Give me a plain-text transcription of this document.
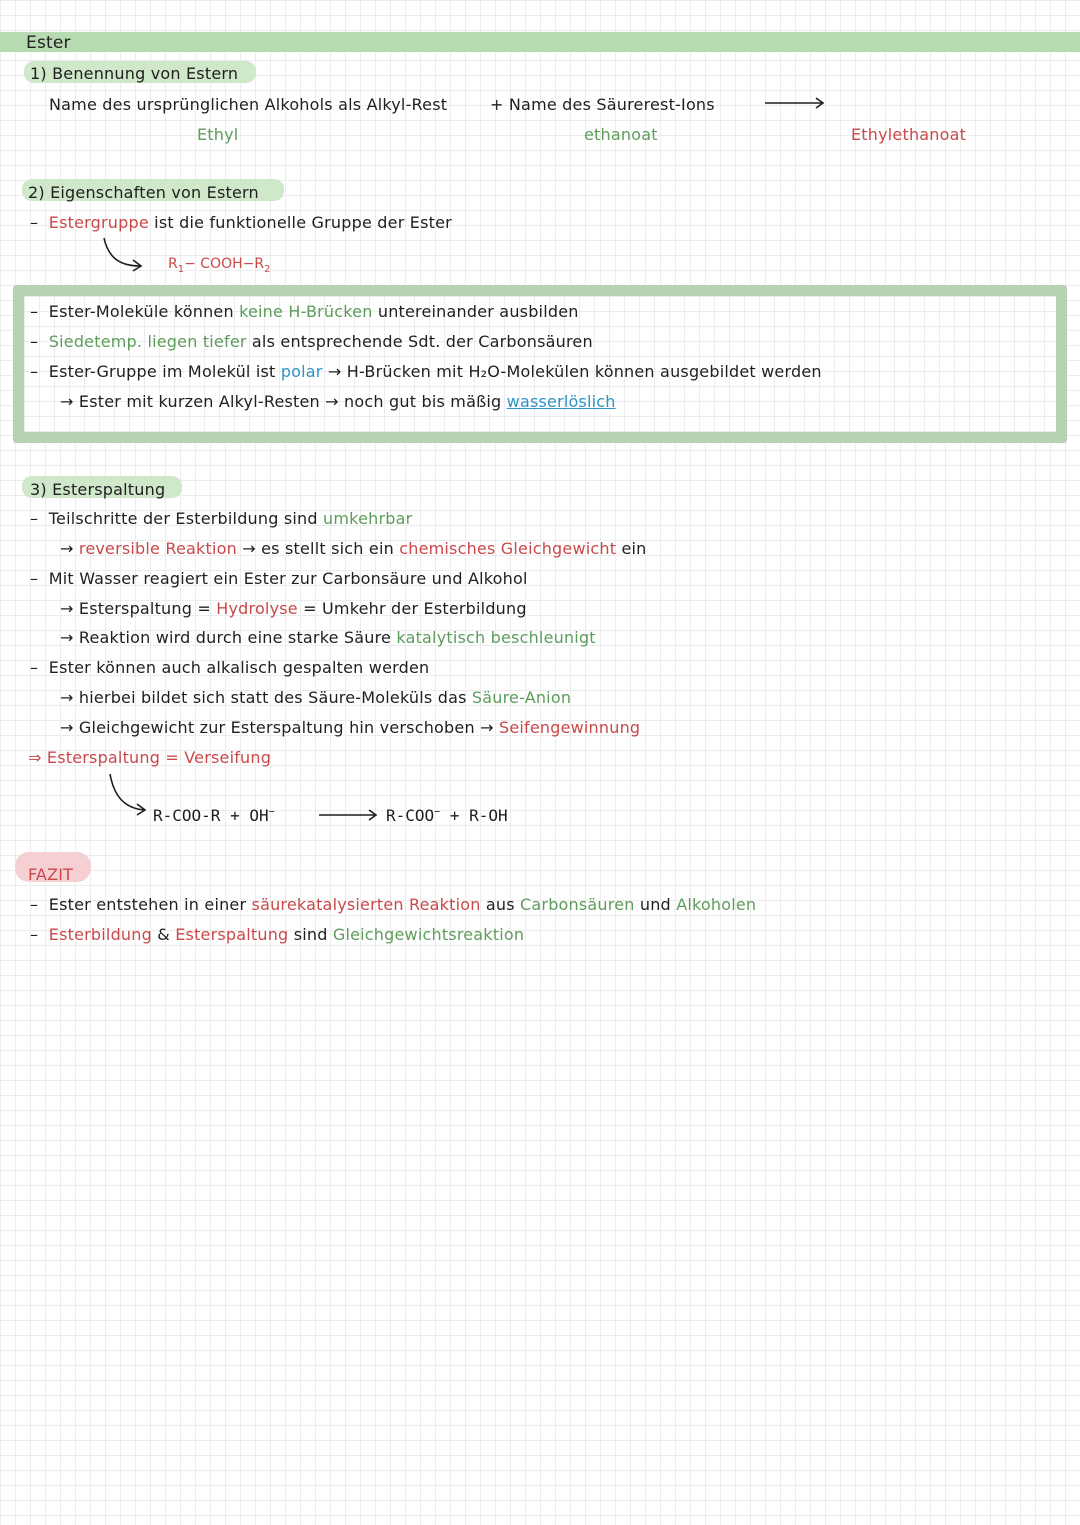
Ester
1) Benennung von Estern
Name des ursprünglichen Alkohols als Alkyl-Rest	+ Name des Säurerest-Ions
Ethyl	ethanoat	Ethylethanoat
2) Eigenschaften von Estern
–  Estergruppe ist die funktionelle Gruppe der Ester
$R_1-$ $COOH-R_2$
–  Ester-Moleküle können keine H-Brücken untereinander ausbilden
–  Siedetemp. liegen tiefer als entsprechende Sdt. der Carbonsäuren
–  Ester-Gruppe im Molekül ist polar → H-Brücken mit H₂O-Molekülen können ausgebildet werden
→ Ester mit kurzen Alkyl-Resten → noch gut bis mäßig wasserlöslich
3) Esterspaltung
–  Teilschritte der Esterbildung sind umkehrbar
→ reversible Reaktion → es stellt sich ein chemisches Gleichgewicht ein
–  Mit Wasser reagiert ein Ester zur Carbonsäure und Alkohol
→ Esterspaltung = Hydrolyse = Umkehr der Esterbildung
→ Reaktion wird durch eine starke Säure katalytisch beschleunigt
–  Ester können auch alkalisch gespalten werden
→ hierbei bildet sich statt des Säure-Moleküls das Säure-Anion
→ Gleichgewicht zur Esterspaltung hin verschoben → Seifengewinnung
⇒ Esterspaltung = Verseifung
R-COO-R + OH−	→ R-COO− + R-OH
FAZIT
–  Ester entstehen in einer säurekatalysierten Reaktion aus Carbonsäuren und Alkoholen
–  Esterbildung & Esterspaltung sind Gleichgewichtsreaktion
